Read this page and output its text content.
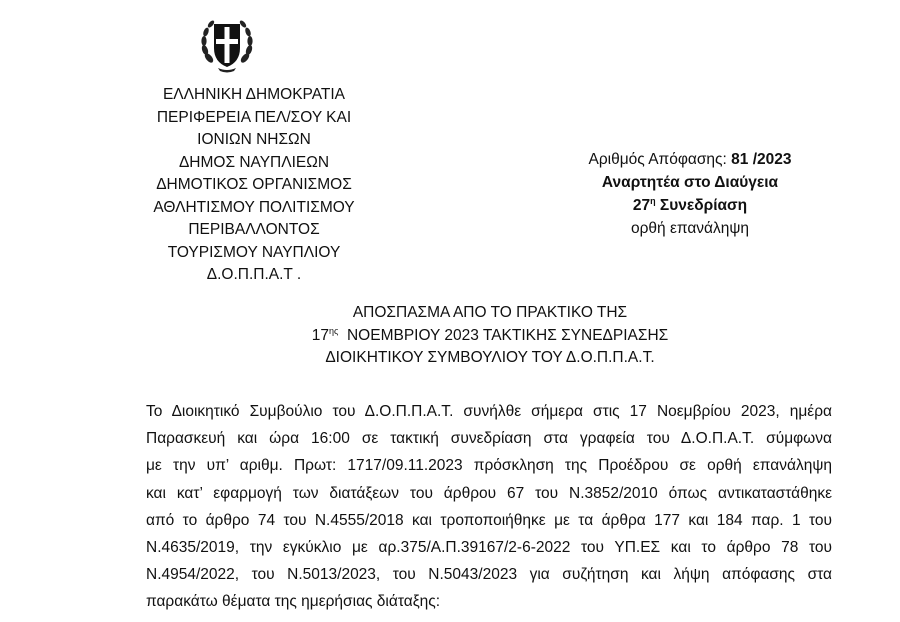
ΕΛΛΗΝΙΚΗ ΔΗΜΟΚΡΑΤΙΑ
ΠΕΡΙΦΕΡΕΙΑ ΠΕΛ/ΣΟΥ ΚΑΙ
ΙΟΝΙΩΝ ΝΗΣΩΝ
ΔΗΜΟΣ ΝΑΥΠΛΙΕΩΝ
ΔΗΜΟΤΙΚΟΣ ΟΡΓΑΝΙΣΜΟΣ
ΑΘΛΗΤΙΣΜΟΥ ΠΟΛΙΤΙΣΜΟΥ
ΠΕΡΙΒΑΛΛΟΝΤΟΣ
ΤΟΥΡΙΣΜΟΥ ΝΑΥΠΛΙΟΥ
Δ.Ο.Π.Π.Α.Τ .
Αριθμός Απόφασης: 81 /2023
Αναρτητέα στο Διαύγεια
$27^\eta$ Συνεδρίαση
ορθή επανάληψη
ΑΠΟΣΠΑΣΜΑ ΑΠΟ ΤΟ ΠΡΑΚΤΙΚΟ ΤΗΣ
$17^{\eta\varsigma}$ ΝΟΕΜΒΡΙΟΥ 2023 ΤΑΚΤΙΚΗΣ ΣΥΝΕΔΡΙΑΣΗΣ
ΔΙΟΙΚΗΤΙΚΟΥ ΣΥΜΒΟΥΛΙΟΥ ΤΟΥ Δ.Ο.Π.Π.Α.Τ.
Το Διοικητικό Συμβούλιο του Δ.Ο.Π.Π.Α.Τ. συνήλθε σήμερα στις 17 Νοεμβρίου 2023, ημέρα
Παρασκευή και ώρα 16:00 σε τακτική συνεδρίαση στα γραφεία του Δ.Ο.Π.Α.Τ. σύμφωνα
με την υπ’ αριθμ. Πρωτ: 1717/09.11.2023 πρόσκληση της Προέδρου σε ορθή επανάληψη
και κατ’ εφαρμογή των διατάξεων του άρθρου 67 του Ν.3852/2010 όπως αντικαταστάθηκε
από το άρθρο 74 του Ν.4555/2018 και τροποποιήθηκε με τα άρθρα 177 και 184 παρ. 1 του
Ν.4635/2019, την εγκύκλιο με αρ.375/Α.Π.39167/2-6-2022 του ΥΠ.ΕΣ και το άρθρο 78 του
Ν.4954/2022, του Ν.5013/2023, του Ν.5043/2023 για συζήτηση και λήψη απόφασης στα
παρακάτω θέματα της ημερήσιας διάταξης:
